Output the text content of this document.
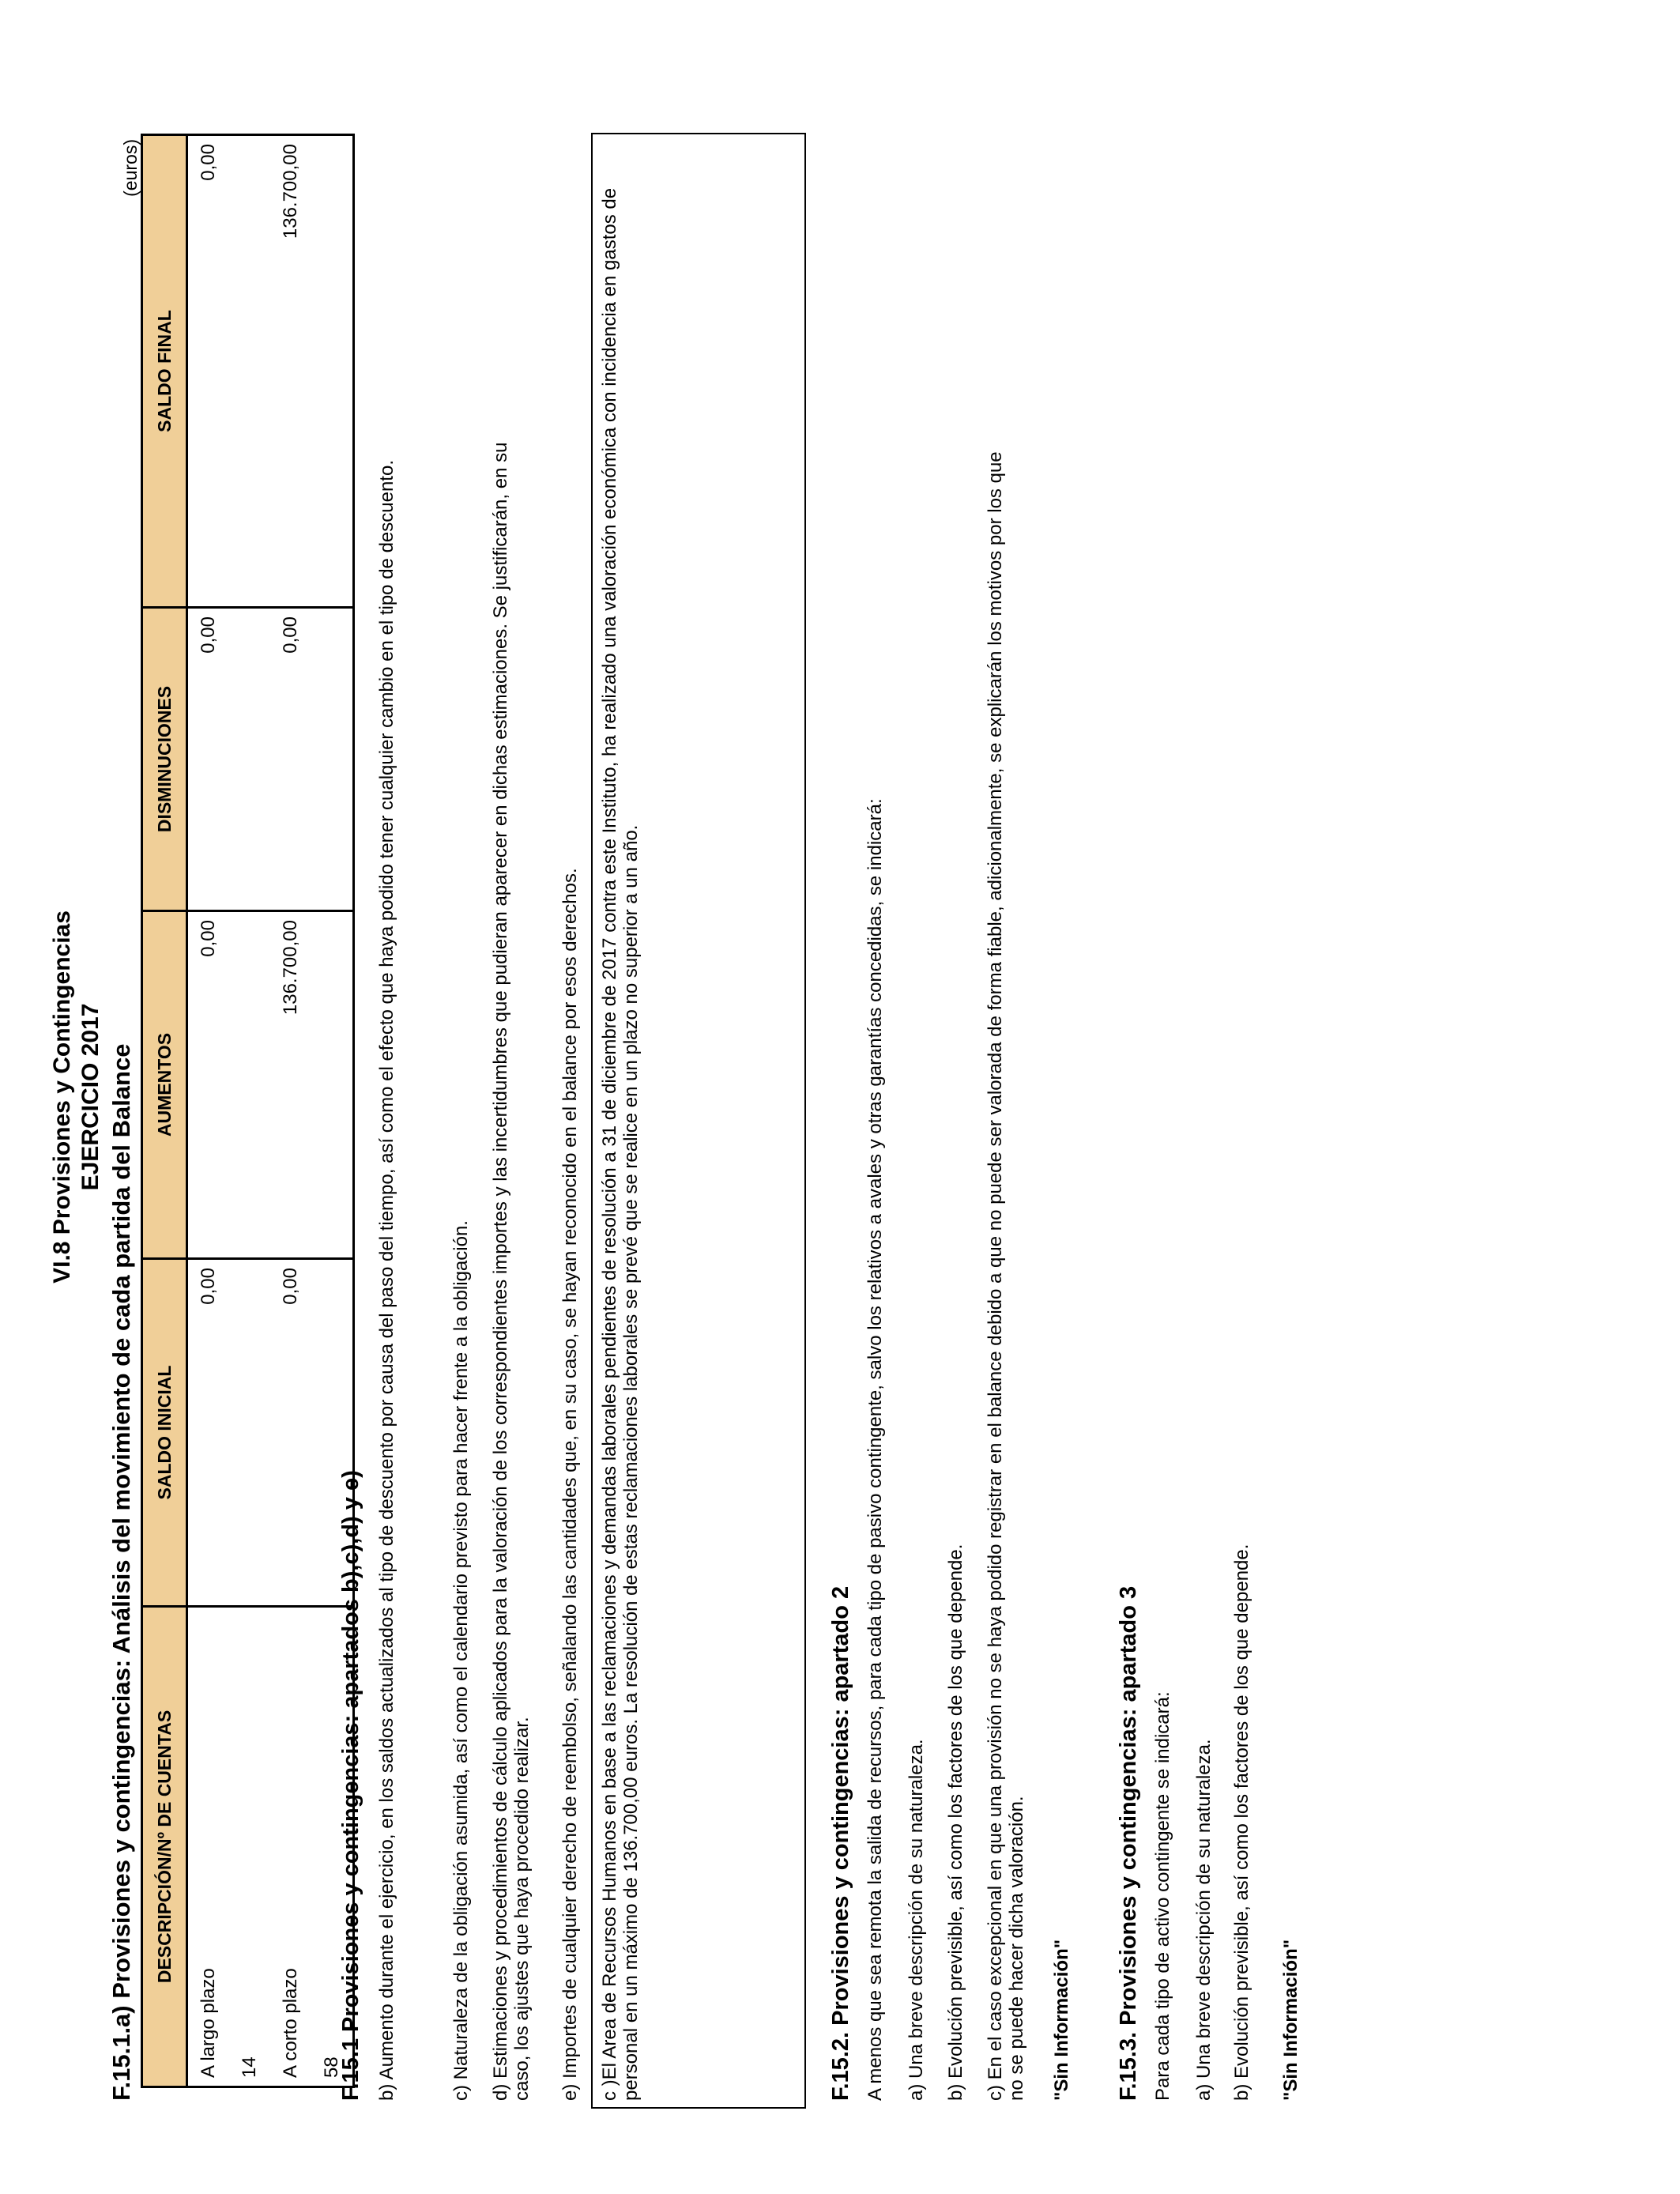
VI.8 Provisiones y Contingencias EJERCICIO 2017 F.15.1.a) Provisiones y contingencias: Análisis del movimiento de cada partida del Balance
(euros)
DESCRIPCIÓN/Nº DE CUENTAS	SALDO INICIAL	AUMENTOS	DISMINUCIONES	SALDO FINAL
A largo plazo	0,00	0,00	0,00	0,00
14				
A corto plazo	0,00	136.700,00	0,00	136.700,00
58				
F.15.1 Provisiones y contingencias: apartados b),c),d) y e) b) Aumento durante el ejercicio, en los saldos actualizados al tipo de descuento por causa del paso del tiempo, así como el efecto que haya podido tener cualquier cambio en el tipo de descuento.	c) Naturaleza de la obligación asumida, así como el calendario previsto para hacer frente a la obligación. d) Estimaciones y procedimientos de cálculo aplicados para la valoración de los correspondientes importes y las incertidumbres que pudieran aparecer en dichas estimaciones. Se justificarán, en su caso, los ajustes que haya procedido realizar. e) Importes de cualquier derecho de reembolso, señalando las cantidades que, en su caso, se hayan reconocido en el balance por esos derechos. c )El Area de Recursos Humanos en base a las reclamaciones y demandas laborales pendientes de resolución a 31 de diciembre de 2017 contra este Instituto, ha realizado una valoración económica con incidencia en gastos de personal en un máximo de 136.700,00 euros. La resolución de estas reclamaciones laborales se prevé que se realice en un plazo no superior a un año.	F.15.2. Provisiones y contingencias: apartado 2 A menos que sea remota la salida de recursos, para cada tipo de pasivo contingente, salvo los relativos a avales y otras garantías concedidas, se indicará: a) Una breve descripción de su naturaleza. b) Evolución previsible, así como los factores de los que depende. c) En el caso excepcional en que una provisión no se haya podido registrar en el balance debido a que no puede ser valorada de forma fiable, adicionalmente, se explicarán los motivos por los que no se puede hacer dicha valoración. "Sin Información" F.15.3. Provisiones y contingencias: apartado 3 Para cada tipo de activo contingente se indicará: a) Una breve descripción de su naturaleza. b) Evolución previsible, así como los factores de los que depende. "Sin Información"
